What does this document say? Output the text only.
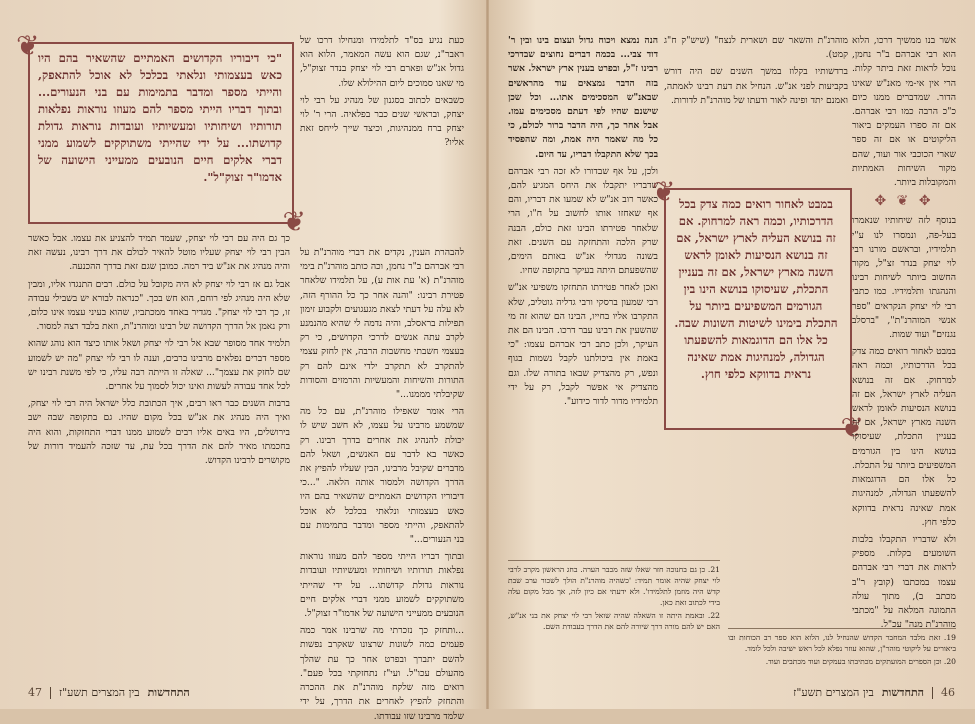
❦
❦
"כי דיבוריו הקדושים האמתיים שהשאיר בהם היו כאש בעצמותי ונלאתי בכלכל לא אוכל להתאפק, והייתי מספר ומדבר בתמימות עם בני הנעורים... ובתוך דבריו הייתי מספר להם מעוזו נוראות נפלאות תורותיו ושיחותיו ומעשיותיו ועובדות נוראות גדולת קדושתו... על ידי שהייתי משתוקקים לשמוע ממני דברי אלקים חיים הנובעים ממעייני הישועה של אדמו"ר זצוק"ל".

כעת נגיע בס"ד לתלמידו ומנחילו דרכו של ראבר"נ, שגם הוא עשה המאמר, הלוא הוא גדול אנ"ש ופארם רבי לוי יצחק בנדר זצוק"ל, מי שאנו סמוכים ליום ההילולא שלו.

כשבאים לכתוב בסגנון של מנהיג על רבי לוי יצחק, ובראשי שנים כבר בפלאיה. הרי ר' לוי יצחק ברח ממנהיגות, וכיצד שייך לייחס זאת אליו?

להבהרת הענין, נקדים את דברי מוהרנ"ת על רבי אברהם ב"ר נחמן, וכה כותב מוהרנ"ת בימי מוהרנ"ת (א' עת אות ע), על תלמידו שלאחר פטירת רבינו: "והנה אחר כך כל ההורף הזה, לא עלה על דעתי לצאת מגעגועים ולקבוע זימון תפילות בראסלב, והיה נדמה לי שהיא מהנמנע לקרב עתה אנשים לדרכי הקדושים, כי רק בעצמי חשבתי מחשבות הרבה, אין לחזק עצמי להתקרב לא תתקרב ילדי אינם להם רק התורות והשיחות והמעשיות והרמזים והסודות שקיבלתי מממנו..."

הרי אומר שאפילו מוהרנ"ת, עם כל מה שמשמע מרבינו על עצמו, לא חשב שיש לו יכולת להנהיג את אחרים בדרך רבינו. רק כאשר בא לדבר עם האנשים, ושאל להם מדברים שקיבל מרבינו, הבין שעליו להפיץ את הדרך הקדושה ולמסור אותה הלאה. "...כי דיבוריו הקדושים האמתיים שהשאיר בהם היו כאש בעצמותי ונלאתי בכלכל לא אוכל להתאפק, והייתי מספר ומדבר בתמימות עם בני הנעורים..."

ובתוך דבריו הייתי מספר להם מעוזו נוראות נפלאות תורותיו ושיחותיו ומעשיותיו ועובדות נוראות גדולת קדושתו... על ידי שהייתי משתוקקים לשמוע ממני דברי אלקים חיים הנובעים ממעייני הישועה של אדמו"ר זצוק"ל.

...ותחזק כך נזכרתי מה שרבינו אמר כמה פעמים כמה לשונות שרצונו שאקרב נפשות להשם יתברך ובפרט אחר כך עת שהלך מהעולם עכו"ל. ועי"ז נתחזקתי בכל פעם". רואים מזה שלקח מוהרנ"ת את ההכרה והתחזק להפיץ לאחרים את הדרך, על ידי שלמד מרבינו שזו עבודתו.

כך גם היה עם רבי לוי יצחק, שעמד תמיד להצניע את עצמו. אבל כאשר הבין רבי לוי יצחק שעליו מוטל להאיר לכולם את דרך רבינו, נעשה זאת והיה מנהיג את אנ"ש ביד רמה. כמובן שגם זאת בדרך ההכנעה.

אבל גם אז רבי לוי יצחק לא היה מקובל על כולם. רבים התנגדו אליו, ומבין שלא היה מנהיג לפי רוחם, הוא חש בכך. "כנראה לבורא יש בשבילי עבודה זו, כך רבי לוי יצחק". מגדיר באחד ממכתביו, שהוא בעיני עצמו אינו כלום, ורק נאמן אל הדרך הקדושה של רבינו ומוהרנ"ת, וזאת בלבד רצה למסור.

תלמיד אחד מסופר שבא אל רבי לוי יצחק ושאל אותו כיצד הוא נוהג שהוא מספר דברים נפלאים מרבינו ברבים, וענה לו רבי לוי יצחק "מה יש לשמוע שם לחזק את עצמך"... שאלה זו הייתה רבה עליו, כי לפי משנת רבינו יש לכל אחד עבודה לעשות ואינו יכול לסמוך על אחרים.

ברבות השנים כבר ראו רבים, איך הכתובת כלל ישראל היה רבי לוי יצחק, ואיך היה מנהיג את אנ"ש בכל מקום שהיו. גם בתקופה שבה ישב בירושלים, היו באים אליו רבים לשמוע ממנו דברי התחזקות, והוא היה בחכמתו מאיר להם את הדרך בכל עת, עד שזכה להעמיד דורות של מקושרים לרבינו הקדוש.

התחדשות
בין המצרים תשע"ז
47

הנה נמצא ויכוח גדול ועצום בינו ובין ר' דוד צבי... בכמה דברים נחוצים שבדרכי רבינו ז"ל, ובפרט בענין ארץ ישראל. אשר בזה הדבר נמצאים עוד מהראשים שבאנ"ש המסכימים אתו... וכל שכן שישנם שהיו לפי דעתם מסכימים עמו. אבל אחר כך, היה הדבר ברור לכולם, כי כל מה שאמר היה אמת, ומה שהפסיד בכך שלא התקבלו דבריו, עד היום.

ולכן, על אף שבדורו לא זכה רבי אברהם שדבריו יתקבלו את היחס המגיע להם, כאשר רוב אנ"ש לא שמעו את דבריו, והם אף שאחזו אותו לחשוב על ח"ו, הרי שלאחר פטירתו הבינו זאת כולם, הבנה שרק הלכה והתחזקה עם השנים. זאת בשונה מגדולי אנ"ש באותם הימים, שהשפעתם היתה בעיקר בתקופה שחיו.

ואכן לאחר פטירתו התחזקו משפיעי אנ"ש רבי שמעון ברסקי ורבי גדליה גוטליב, שלא התקרבו אליו בחייו, הבינו הם שהוא זה מי שהשעין את רבינו עבר דרכו. הבינו הם את העיקר, ולכן כתב רבי אברהם עצמו: "כי באמת אין ביכולתנו לקבל נשמות בגוף ונפש, רק מהצדיק שבאו בתורה שלו. וגם מהצדיק אי אפשר לקבל, רק על ידי תלמידיו מדור לדור כידוע".

21. כן גם בחנוכה חזר שאלו שזה מכבר הערה. בחג הראשון מקרב לרבי לוי יצחק שהיה אומר תמיד: 'כשהיה מוהרנ"ת הולך לשכור ערב שבת קדש היה מוזמן לתלמידו'. ולא ידעתי אם כיון לזה, אך מכל מקום עלה בידי לכתוב זאת כאן.

22. ובאמת היתה זו השאלה שהיה שואל רבי לוי יצחק את בני אנ"ש, האם יש להם מורה דרך שיורה להם את הדרך בעבודת השם.

❦
❦
במבט לאחור רואים כמה צדק בכל הדרכותיו, וכמה ראה למרחוק. אם זה בנושא העליה לארץ ישראל, אם זה בנושא הנסיעות לאומן לראש השנה מארץ ישראל, אם זה בעניין התכלת, שעיסוקו בנושא הינו בין הגורמים המשפיעים ביותר על התכלת בימינו לשיטות השונות שבה. כל אלו הם הדוגמאות להשפעתו הגדולה, למנהיגות אמת שאינה נראית בדווקא כלפי חוץ.

מוהרנ"ת והשאר שם ושארית לנצח" (שיש"ק ח"ג קמט).

ברדשותיו בקלוז במשך השנים שם היה דורש בקביעות לפני אנ"ש. הנחיל את דעת רבינו לאמתה, ואמנם יתד ופינה לאור ודעתו של מוהרנ"ת לדורות.

אשר בנו ממשיך דרכו, הלוא הוא רבי אברהם ב"ר נחמן, נוכל לראות זאת ביתר קלות. הרי אין אי-מי מאנ"ש שאינו הדור. שמדברים ממנו כיום כ"כ הרבה כמו רבי אברהם. אם זה ספרו העמקים ביאור הליקוטים או אם זה ספר שארי הכוכבי אור ועוד, שהם מקור השיחות האמתיות והמקובלות ביותר.

✥ ❦ ✥

בנוסף לזה שיחותיו שנאמרו בעל-פה, ונמסרו לנו ע"י תלמידיו, ובראשם מורנו רבי לוי יצחק בנדר זצ"ל, מקור החשוב ביותר לשיחות רבינו והנהגתו ותלמידיו. כמו כתבי רבי לוי יצחק הנקראים "ספר אנשי המוהרנ"ת", "ברסלב נגנזים" ועוד שמות.

במבט לאחור רואים כמה צדק בכל הדרכותיו, וכמה ראה למרחוק. אם זה בנושא העליה לארץ ישראל, אם זה בנושא הנסיעות לאומן לראש השנה מארץ ישראל, אם זה בעניין התכלת, שעיסוקו בנושא הינו בין הגורמים המשפיעים ביותר על התכלת. כל אלו הם הדוגמאות להשפעתו הגדולה, למנהיגות אמת שאינה נראית בדווקא כלפי חוץ.

ולא שדבריו התקבלו בלבות השומעים בקלות. מספיק לראות את דברי רבי אברהם עצמו במכתבו (קובץ ר"ב מכתב ב), מתוך עולה התמונה המלאה על "מכתבי מוהרנ"ת מנה" עכ"ל.

19. זאת מלבד המחבר הקדוש שהנחיל לנו, הלוא הוא ספר רב הכוחות ובו ביאורים על ליקוטי מוהר"ן, שהוא עוזר נפלא לכל ראש ישיבה ולכל לומד.

20. וכן הספרים המועתקים מכתיבתו בעמקים ועוד מכתבים ועוד.

46
התחדשות
בין המצרים תשע"ז
